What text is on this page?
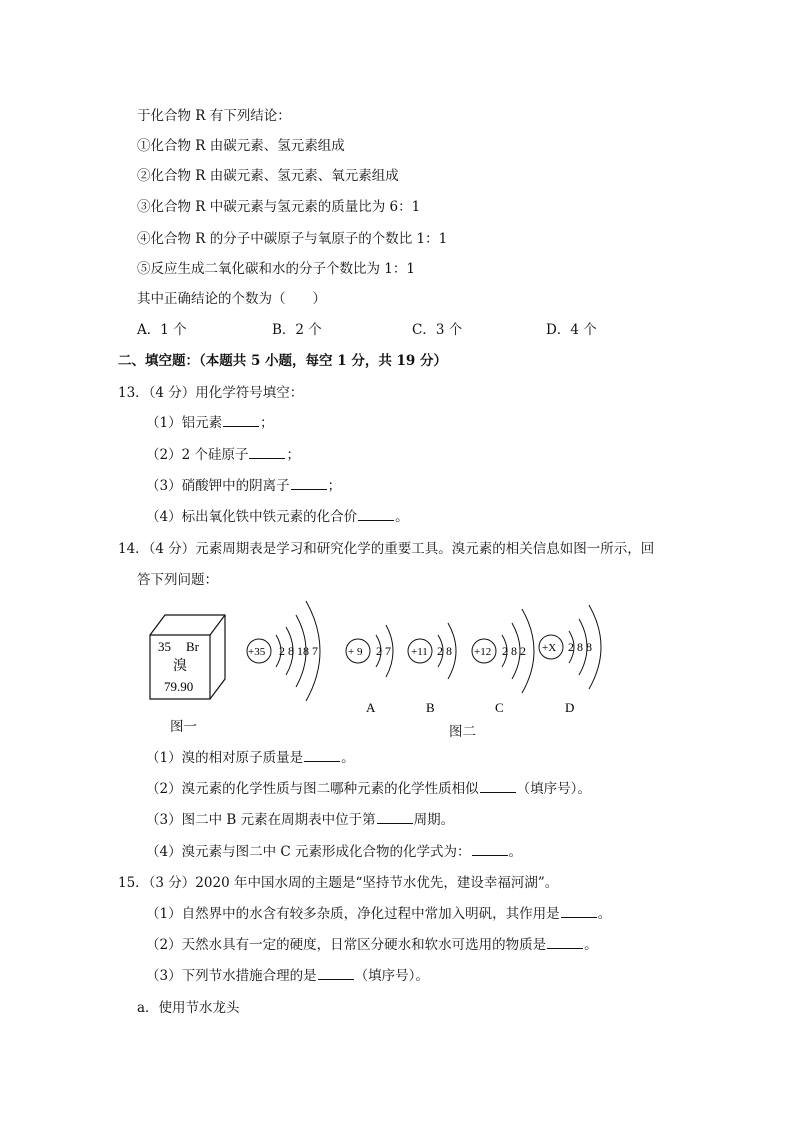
于化合物 R 有下列结论：
①化合物 R 由碳元素、氢元素组成
②化合物 R 由碳元素、氢元素、氧元素组成
③化合物 R 中碳元素与氢元素的质量比为 6：1
④化合物 R 的分子中碳原子与氧原子的个数比 1：1
⑤反应生成二氧化碳和水的分子个数比为 1：1
其中正确结论的个数为（　　）
A．1 个	B．2 个	C．3 个	D．4 个
二、填空题：（本题共 5 小题，每空 1 分，共 19 分）
13．（4 分）用化学符号填空：
（1）铝元素	；
（2）2 个硅原子	；
（3）硝酸钾中的阴离子	；
（4）标出氧化铁中铁元素的化合价	。
14．（4 分）元素周期表是学习和研究化学的重要工具。溴元素的相关信息如图一所示，回
答下列问题：
35 Br
溴
79.90
+35 2 8 18 7	+ 9 2 7
A
+11 2 8
B
+12 2 8 2
C
+X 2 8 8
D
图一	图二
（1）溴的相对原子质量是	。
（2）溴元素的化学性质与图二哪种元素的化学性质相似	（填序号）。
（3）图二中 B 元素在周期表中位于第	周期。
（4）溴元素与图二中 C 元素形成化合物的化学式为：	。
15．（3 分）2020 年中国水周的主题是“坚持节水优先，建设幸福河湖”。
（1）自然界中的水含有较多杂质，净化过程中常加入明矾，其作用是	。
（2）天然水具有一定的硬度，日常区分硬水和软水可选用的物质是	。
（3）下列节水措施合理的是	（填序号）。
a．使用节水龙头
